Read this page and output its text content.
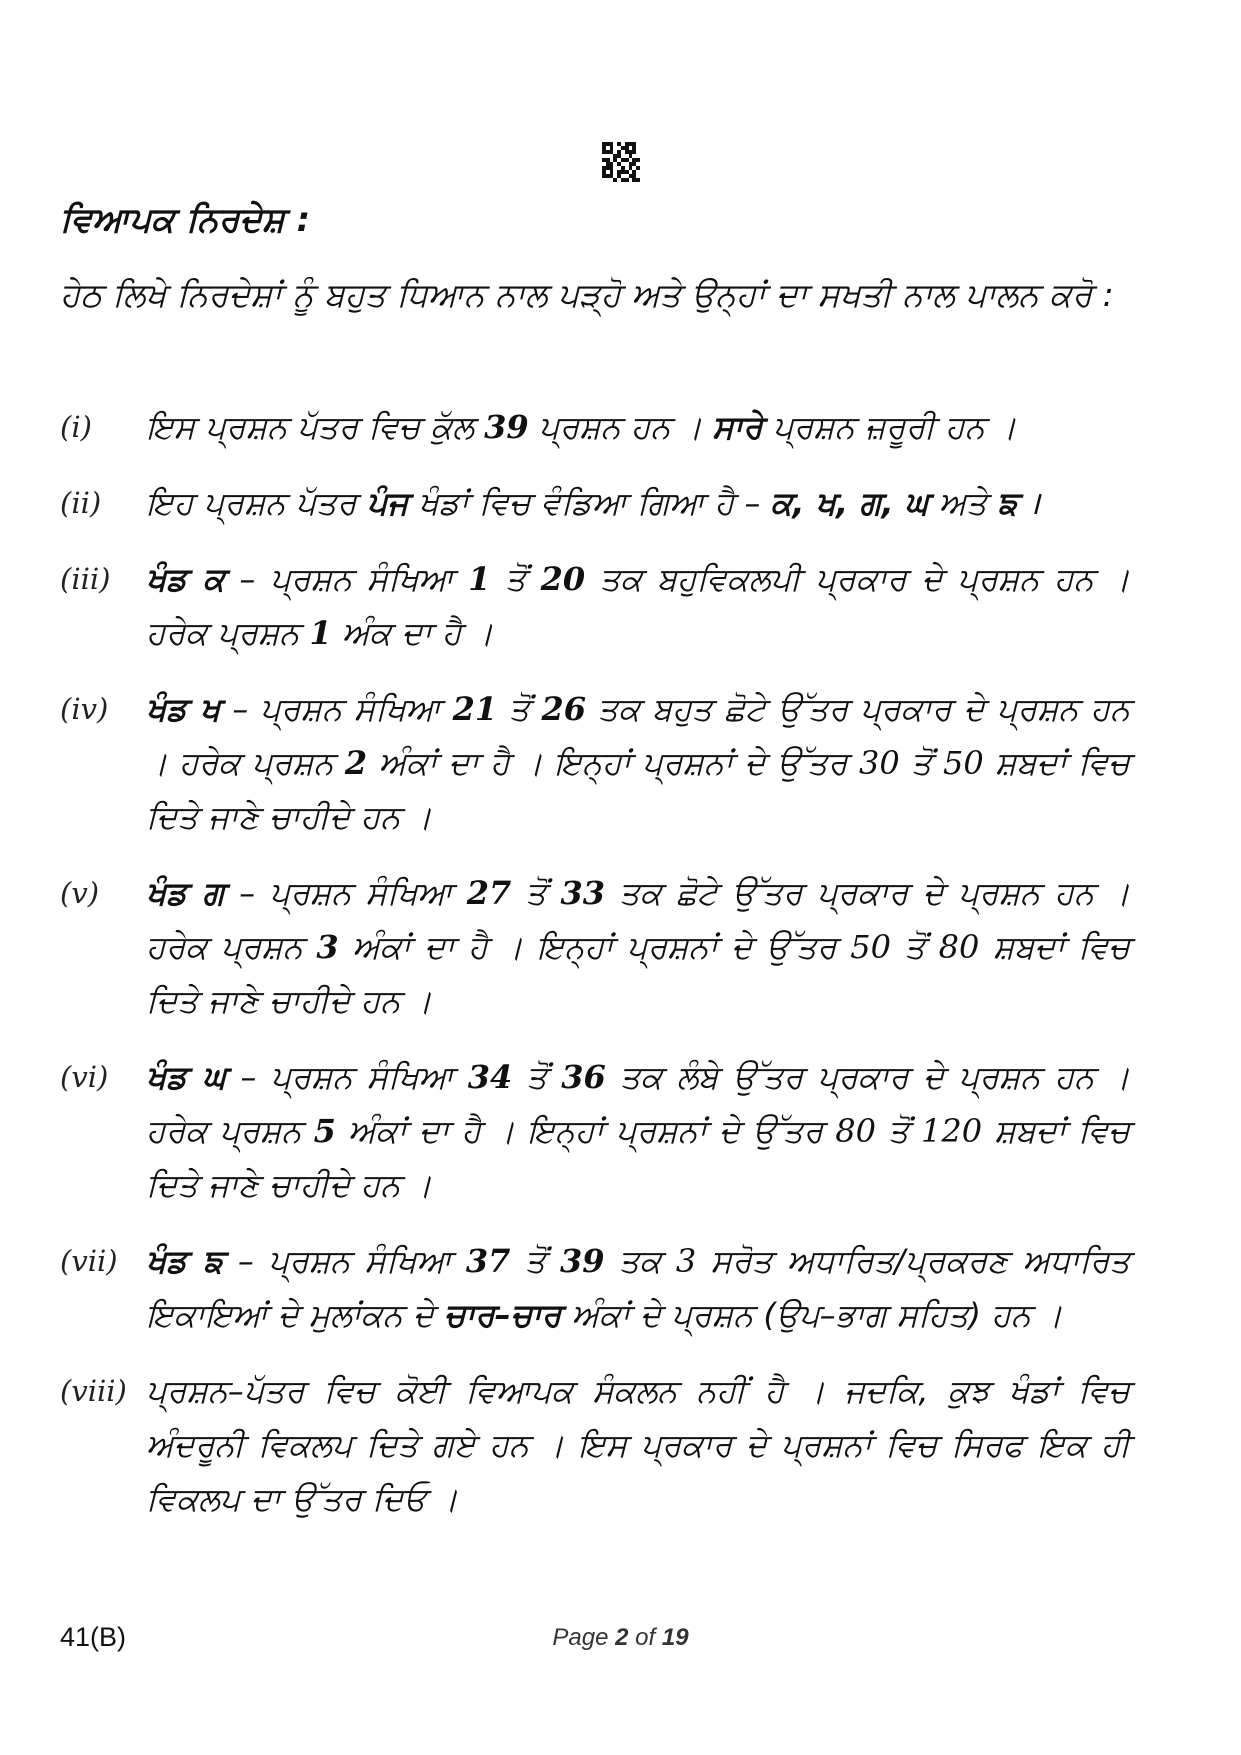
ਵਿਆਪਕ ਨਿਰਦੇਸ਼ :
ਹੇਠ ਲਿਖੇ ਨਿਰਦੇਸ਼ਾਂ ਨੂੰ ਬਹੁਤ ਧਿਆਨ ਨਾਲ ਪੜ੍ਹੋ ਅਤੇ ਉਨ੍ਹਾਂ ਦਾ ਸਖਤੀ ਨਾਲ ਪਾਲਨ ਕਰੋ :
(i)	ਇਸ ਪ੍ਰਸ਼ਨ ਪੱਤਰ ਵਿਚ ਕੁੱਲ 39 ਪ੍ਰਸ਼ਨ ਹਨ । ਸਾਰੇ ਪ੍ਰਸ਼ਨ ਜ਼ਰੂਰੀ ਹਨ ।
(ii)	ਇਹ ਪ੍ਰਸ਼ਨ ਪੱਤਰ ਪੰਜ ਖੰਡਾਂ ਵਿਚ ਵੰਡਿਆ ਗਿਆ ਹੈ – ਕ, ਖ, ਗ, ਘ ਅਤੇ ਙ ।
(iii)	ਖੰਡ ਕ – ਪ੍ਰਸ਼ਨ ਸੰਖਿਆ 1 ਤੋਂ 20 ਤਕ ਬਹੁਵਿਕਲਪੀ ਪ੍ਰਕਾਰ ਦੇ ਪ੍ਰਸ਼ਨ ਹਨ । ਹਰੇਕ ਪ੍ਰਸ਼ਨ 1 ਅੰਕ ਦਾ ਹੈ ।
(iv)	ਖੰਡ ਖ – ਪ੍ਰਸ਼ਨ ਸੰਖਿਆ 21 ਤੋਂ 26 ਤਕ ਬਹੁਤ ਛੋਟੇ ਉੱਤਰ ਪ੍ਰਕਾਰ ਦੇ ਪ੍ਰਸ਼ਨ ਹਨ । ਹਰੇਕ ਪ੍ਰਸ਼ਨ 2 ਅੰਕਾਂ ਦਾ ਹੈ । ਇਨ੍ਹਾਂ ਪ੍ਰਸ਼ਨਾਂ ਦੇ ਉੱਤਰ 30 ਤੋਂ 50 ਸ਼ਬਦਾਂ ਵਿਚ ਦਿਤੇ ਜਾਣੇ ਚਾਹੀਦੇ ਹਨ ।
(v)	ਖੰਡ ਗ – ਪ੍ਰਸ਼ਨ ਸੰਖਿਆ 27 ਤੋਂ 33 ਤਕ ਛੋਟੇ ਉੱਤਰ ਪ੍ਰਕਾਰ ਦੇ ਪ੍ਰਸ਼ਨ ਹਨ । ਹਰੇਕ ਪ੍ਰਸ਼ਨ 3 ਅੰਕਾਂ ਦਾ ਹੈ । ਇਨ੍ਹਾਂ ਪ੍ਰਸ਼ਨਾਂ ਦੇ ਉੱਤਰ 50 ਤੋਂ 80 ਸ਼ਬਦਾਂ ਵਿਚ ਦਿਤੇ ਜਾਣੇ ਚਾਹੀਦੇ ਹਨ ।
(vi)	ਖੰਡ ਘ – ਪ੍ਰਸ਼ਨ ਸੰਖਿਆ 34 ਤੋਂ 36 ਤਕ ਲੰਬੇ ਉੱਤਰ ਪ੍ਰਕਾਰ ਦੇ ਪ੍ਰਸ਼ਨ ਹਨ । ਹਰੇਕ ਪ੍ਰਸ਼ਨ 5 ਅੰਕਾਂ ਦਾ ਹੈ । ਇਨ੍ਹਾਂ ਪ੍ਰਸ਼ਨਾਂ ਦੇ ਉੱਤਰ 80 ਤੋਂ 120 ਸ਼ਬਦਾਂ ਵਿਚ ਦਿਤੇ ਜਾਣੇ ਚਾਹੀਦੇ ਹਨ ।
(vii) ਖੰਡ ਙ – ਪ੍ਰਸ਼ਨ ਸੰਖਿਆ 37 ਤੋਂ 39 ਤਕ 3 ਸਰੋਤ ਅਧਾਰਿਤ/ਪ੍ਰਕਰਣ ਅਧਾਰਿਤ ਇਕਾਇਆਂ ਦੇ ਮੁਲਾਂਕਨ ਦੇ ਚਾਰ–ਚਾਰ ਅੰਕਾਂ ਦੇ ਪ੍ਰਸ਼ਨ (ਉਪ–ਭਾਗ ਸਹਿਤ) ਹਨ ।
(viii) ਪ੍ਰਸ਼ਨ–ਪੱਤਰ ਵਿਚ ਕੋਈ ਵਿਆਪਕ ਸੰਕਲਨ ਨਹੀਂ ਹੈ । ਜਦਕਿ, ਕੁਝ ਖੰਡਾਂ ਵਿਚ ਅੰਦਰੂਨੀ ਵਿਕਲਪ ਦਿਤੇ ਗਏ ਹਨ । ਇਸ ਪ੍ਰਕਾਰ ਦੇ ਪ੍ਰਸ਼ਨਾਂ ਵਿਚ ਸਿਰਫ ਇਕ ਹੀ ਵਿਕਲਪ ਦਾ ਉੱਤਰ ਦਿਓ ।
41(B)	Page 2 of 19
